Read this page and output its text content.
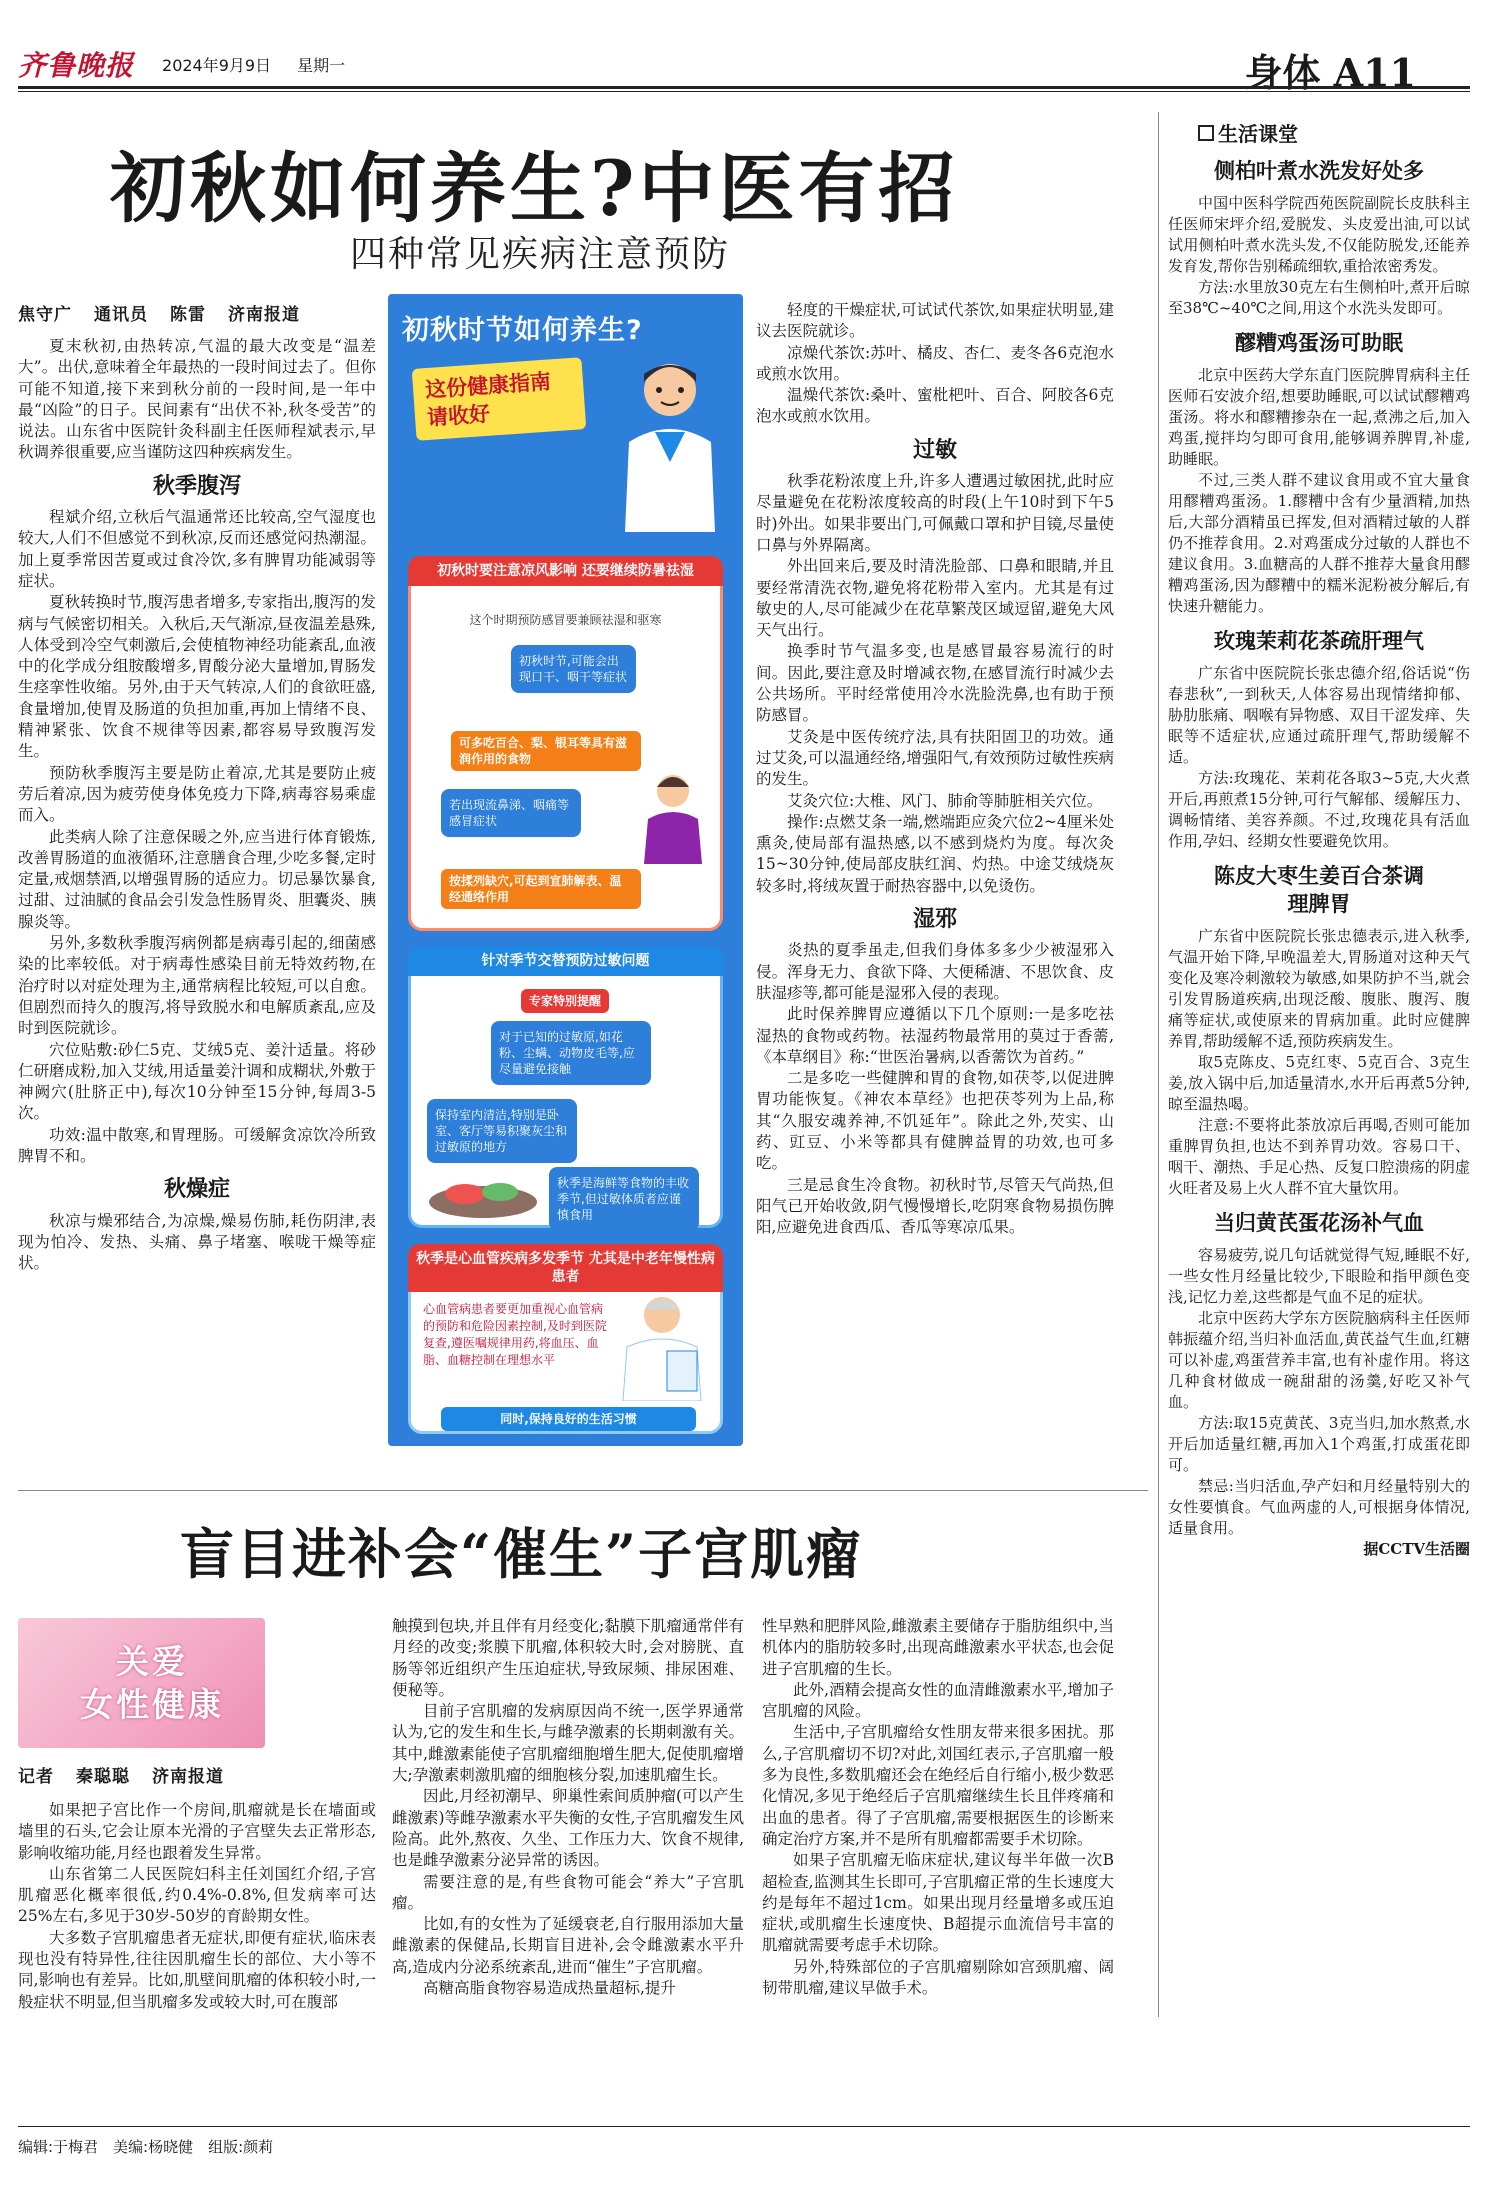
齐鲁晚报 2024年9月9日 星期一	身体 A11
初秋如何养生?中医有招
四种常见疾病注意预防
焦守广 通讯员 陈雷 济南报道

夏末秋初,由热转凉,气温的最大改变是“温差大”。出伏,意味着全年最热的一段时间过去了。但你可能不知道,接下来到秋分前的一段时间,是一年中最“凶险”的日子。民间素有“出伏不补,秋冬受苦”的说法。山东省中医院针灸科副主任医师程斌表示,早秋调养很重要,应当谨防这四种疾病发生。

秋季腹泻

程斌介绍,立秋后气温通常还比较高,空气湿度也较大,人们不但感觉不到秋凉,反而还感觉闷热潮湿。加上夏季常因苦夏或过食冷饮,多有脾胃功能减弱等症状。

夏秋转换时节,腹泻患者增多,专家指出,腹泻的发病与气候密切相关。入秋后,天气渐凉,昼夜温差悬殊,人体受到冷空气刺激后,会使植物神经功能紊乱,血液中的化学成分组胺酸增多,胃酸分泌大量增加,胃肠发生痉挛性收缩。另外,由于天气转凉,人们的食欲旺盛,食量增加,使胃及肠道的负担加重,再加上情绪不良、精神紧张、饮食不规律等因素,都容易导致腹泻发生。

预防秋季腹泻主要是防止着凉,尤其是要防止疲劳后着凉,因为疲劳使身体免疫力下降,病毒容易乘虚而入。

此类病人除了注意保暖之外,应当进行体育锻炼,改善胃肠道的血液循环,注意膳食合理,少吃多餐,定时定量,戒烟禁酒,以增强胃肠的适应力。切忌暴饮暴食,过甜、过油腻的食品会引发急性肠胃炎、胆囊炎、胰腺炎等。

另外,多数秋季腹泻病例都是病毒引起的,细菌感染的比率较低。对于病毒性感染目前无特效药物,在治疗时以对症处理为主,通常病程比较短,可以自愈。但剧烈而持久的腹泻,将导致脱水和电解质紊乱,应及时到医院就诊。

穴位贴敷:砂仁5克、艾绒5克、姜汁适量。将砂仁研磨成粉,加入艾绒,用适量姜汁调和成糊状,外敷于神阙穴(肚脐正中),每次10分钟至15分钟,每周3-5次。

功效:温中散寒,和胃理肠。可缓解贪凉饮冷所致脾胃不和。

秋燥症

秋凉与燥邪结合,为凉燥,燥易伤肺,耗伤阴津,表现为怕冷、发热、头痛、鼻子堵塞、喉咙干燥等症状。

初秋时节如何养生?
这份健康指南请收好
初秋时要注意凉风影响 还要继续防暑祛湿
这个时期预防感冒要兼顾祛湿和驱寒
初秋时节,可能会出现口干、咽干等症状
可多吃百合、梨、银耳等具有滋润作用的食物
若出现流鼻涕、咽痛等感冒症状
按揉列缺穴,可起到宣肺解表、温经通络作用
针对季节交替预防过敏问题
专家特别提醒
对于已知的过敏原,如花粉、尘螨、动物皮毛等,应尽量避免接触
保持室内清洁,特别是卧室、客厅等易积聚灰尘和过敏原的地方
秋季是海鲜等食物的丰收季节,但过敏体质者应谨慎食用
秋季是心血管疾病多发季节 尤其是中老年慢性病患者
心血管病患者要更加重视心血管病的预防和危险因素控制,及时到医院复查,遵医嘱规律用药,将血压、血脂、血糖控制在理想水平
同时,保持良好的生活习惯

轻度的干燥症状,可试试代茶饮,如果症状明显,建议去医院就诊。

凉燥代茶饮:苏叶、橘皮、杏仁、麦冬各6克泡水或煎水饮用。

温燥代茶饮:桑叶、蜜枇杷叶、百合、阿胶各6克泡水或煎水饮用。

过敏

秋季花粉浓度上升,许多人遭遇过敏困扰,此时应尽量避免在花粉浓度较高的时段(上午10时到下午5时)外出。如果非要出门,可佩戴口罩和护目镜,尽量使口鼻与外界隔离。

外出回来后,要及时清洗脸部、口鼻和眼睛,并且要经常清洗衣物,避免将花粉带入室内。尤其是有过敏史的人,尽可能减少在花草繁茂区域逗留,避免大风天气出行。

换季时节气温多变,也是感冒最容易流行的时间。因此,要注意及时增减衣物,在感冒流行时减少去公共场所。平时经常使用冷水洗脸洗鼻,也有助于预防感冒。

艾灸是中医传统疗法,具有扶阳固卫的功效。通过艾灸,可以温通经络,增强阳气,有效预防过敏性疾病的发生。

艾灸穴位:大椎、风门、肺俞等肺脏相关穴位。

操作:点燃艾条一端,燃端距应灸穴位2~4厘米处熏灸,使局部有温热感,以不感到烧灼为度。每次灸15~30分钟,使局部皮肤红润、灼热。中途艾绒烧灰较多时,将绒灰置于耐热容器中,以免烫伤。

湿邪

炎热的夏季虽走,但我们身体多多少少被湿邪入侵。浑身无力、食欲下降、大便稀溏、不思饮食、皮肤湿疹等,都可能是湿邪入侵的表现。

此时保养脾胃应遵循以下几个原则:一是多吃祛湿热的食物或药物。祛湿药物最常用的莫过于香薷,《本草纲目》称:“世医治暑病,以香薷饮为首药。”

二是多吃一些健脾和胃的食物,如茯苓,以促进脾胃功能恢复。《神农本草经》也把茯苓列为上品,称其“久服安魂养神,不饥延年”。除此之外,芡实、山药、豇豆、小米等都具有健脾益胃的功效,也可多吃。

三是忌食生冷食物。初秋时节,尽管天气尚热,但阳气已开始收敛,阴气慢慢增长,吃阴寒食物易损伤脾阳,应避免进食西瓜、香瓜等寒凉瓜果。

盲目进补会“催生”子宫肌瘤
关爱
女性健康
记者 秦聪聪 济南报道

如果把子宫比作一个房间,肌瘤就是长在墙面或墙里的石头,它会让原本光滑的子宫壁失去正常形态,影响收缩功能,月经也跟着发生异常。

山东省第二人民医院妇科主任刘国红介绍,子宫肌瘤恶化概率很低,约0.4%-0.8%,但发病率可达25%左右,多见于30岁-50岁的育龄期女性。

大多数子宫肌瘤患者无症状,即便有症状,临床表现也没有特异性,往往因肌瘤生长的部位、大小等不同,影响也有差异。比如,肌壁间肌瘤的体积较小时,一般症状不明显,但当肌瘤多发或较大时,可在腹部

触摸到包块,并且伴有月经变化;黏膜下肌瘤通常伴有月经的改变;浆膜下肌瘤,体积较大时,会对膀胱、直肠等邻近组织产生压迫症状,导致尿频、排尿困难、便秘等。

目前子宫肌瘤的发病原因尚不统一,医学界通常认为,它的发生和生长,与雌孕激素的长期刺激有关。其中,雌激素能使子宫肌瘤细胞增生肥大,促使肌瘤增大;孕激素刺激肌瘤的细胞核分裂,加速肌瘤生长。

因此,月经初潮早、卵巢性索间质肿瘤(可以产生雌激素)等雌孕激素水平失衡的女性,子宫肌瘤发生风险高。此外,熬夜、久坐、工作压力大、饮食不规律,也是雌孕激素分泌异常的诱因。

需要注意的是,有些食物可能会“养大”子宫肌瘤。

比如,有的女性为了延缓衰老,自行服用添加大量雌激素的保健品,长期盲目进补,会令雌激素水平升高,造成内分泌系统紊乱,进而“催生”子宫肌瘤。

高糖高脂食物容易造成热量超标,提升

性早熟和肥胖风险,雌激素主要储存于脂肪组织中,当机体内的脂肪较多时,出现高雌激素水平状态,也会促进子宫肌瘤的生长。

此外,酒精会提高女性的血清雌激素水平,增加子宫肌瘤的风险。

生活中,子宫肌瘤给女性朋友带来很多困扰。那么,子宫肌瘤切不切?对此,刘国红表示,子宫肌瘤一般多为良性,多数肌瘤还会在绝经后自行缩小,极少数恶化情况,多见于绝经后子宫肌瘤继续生长且伴疼痛和出血的患者。得了子宫肌瘤,需要根据医生的诊断来确定治疗方案,并不是所有肌瘤都需要手术切除。

如果子宫肌瘤无临床症状,建议每半年做一次B超检查,监测其生长即可,子宫肌瘤正常的生长速度大约是每年不超过1cm。如果出现月经量增多或压迫症状,或肌瘤生长速度快、B超提示血流信号丰富的肌瘤就需要考虑手术切除。

另外,特殊部位的子宫肌瘤剔除如宫颈肌瘤、阔韧带肌瘤,建议早做手术。

生活课堂
侧柏叶煮水洗发好处多

中国中医科学院西苑医院副院长皮肤科主任医师宋坪介绍,爱脱发、头皮爱出油,可以试试用侧柏叶煮水洗头发,不仅能防脱发,还能养发育发,帮你告别稀疏细软,重拾浓密秀发。

方法:水里放30克左右生侧柏叶,煮开后晾至38℃~40℃之间,用这个水洗头发即可。

醪糟鸡蛋汤可助眠

北京中医药大学东直门医院脾胃病科主任医师石安波介绍,想要助睡眠,可以试试醪糟鸡蛋汤。将水和醪糟掺杂在一起,煮沸之后,加入鸡蛋,搅拌均匀即可食用,能够调养脾胃,补虚,助睡眠。

不过,三类人群不建议食用或不宜大量食用醪糟鸡蛋汤。1.醪糟中含有少量酒精,加热后,大部分酒精虽已挥发,但对酒精过敏的人群仍不推荐食用。2.对鸡蛋成分过敏的人群也不建议食用。3.血糖高的人群不推荐大量食用醪糟鸡蛋汤,因为醪糟中的糯米泥粉被分解后,有快速升糖能力。

玫瑰茉莉花茶疏肝理气

广东省中医院院长张忠德介绍,俗话说“伤春悲秋”,一到秋天,人体容易出现情绪抑郁、胁肋胀痛、咽喉有异物感、双目干涩发痒、失眠等不适症状,应通过疏肝理气,帮助缓解不适。

方法:玫瑰花、茉莉花各取3~5克,大火煮开后,再煎煮15分钟,可行气解郁、缓解压力、调畅情绪、美容养颜。不过,玫瑰花具有活血作用,孕妇、经期女性要避免饮用。

陈皮大枣生姜百合茶调理脾胃

广东省中医院院长张忠德表示,进入秋季,气温开始下降,早晚温差大,胃肠道对这种天气变化及寒冷刺激较为敏感,如果防护不当,就会引发胃肠道疾病,出现泛酸、腹胀、腹泻、腹痛等症状,或使原来的胃病加重。此时应健脾养胃,帮助缓解不适,预防疾病发生。

取5克陈皮、5克红枣、5克百合、3克生姜,放入锅中后,加适量清水,水开后再煮5分钟,晾至温热喝。

注意:不要将此茶放凉后再喝,否则可能加重脾胃负担,也达不到养胃功效。容易口干、咽干、潮热、手足心热、反复口腔溃疡的阴虚火旺者及易上火人群不宜大量饮用。

当归黄芪蛋花汤补气血

容易疲劳,说几句话就觉得气短,睡眠不好,一些女性月经量比较少,下眼睑和指甲颜色变浅,记忆力差,这些都是气血不足的症状。

北京中医药大学东方医院脑病科主任医师韩振蕴介绍,当归补血活血,黄芪益气生血,红糖可以补虚,鸡蛋营养丰富,也有补虚作用。将这几种食材做成一碗甜甜的汤羹,好吃又补气血。

方法:取15克黄芪、3克当归,加水熬煮,水开后加适量红糖,再加入1个鸡蛋,打成蛋花即可。

禁忌:当归活血,孕产妇和月经量特别大的女性要慎食。气血两虚的人,可根据身体情况,适量食用。

据CCTV生活圈
编辑:于梅君　美编:杨晓健　组版:颜莉
